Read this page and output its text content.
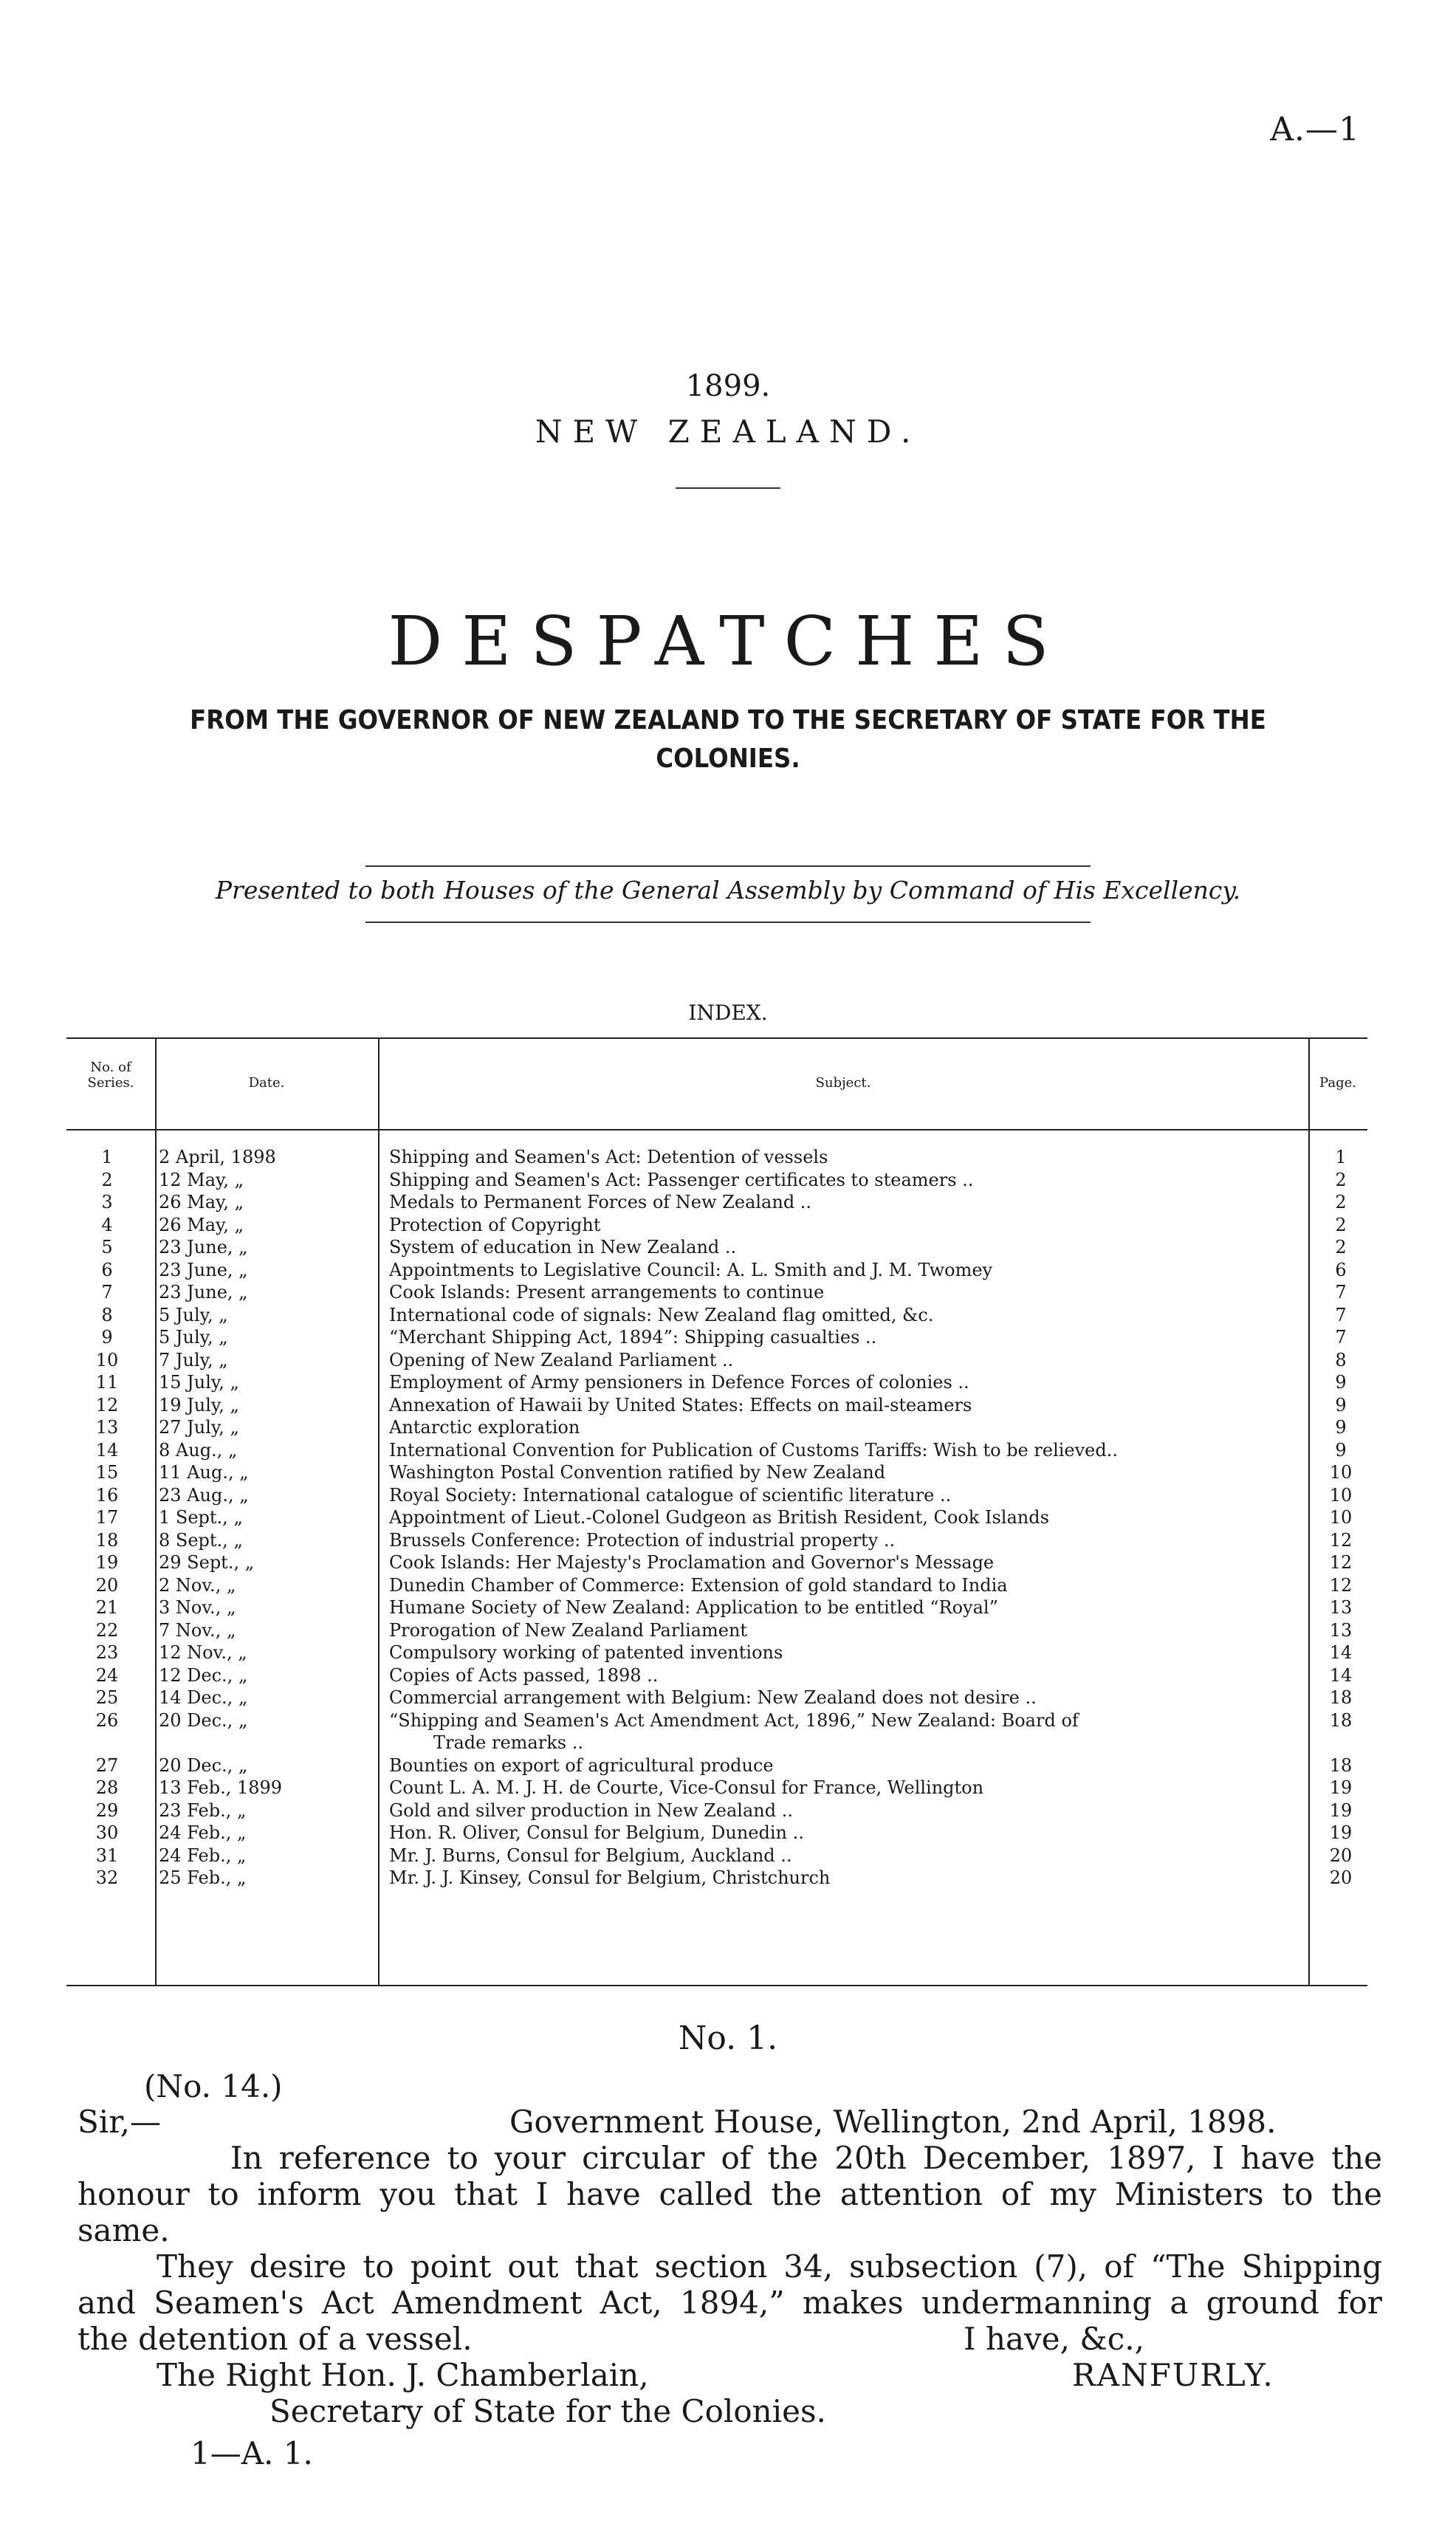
A.—1
1899.
NEW ZEALAND.
DESPATCHES
FROM THE GOVERNOR OF NEW ZEALAND TO THE SECRETARY OF STATE FOR THE COLONIES.
Presented to both Houses of the General Assembly by Command of His Excellency.
INDEX.
No. of Series.	Date.	Subject.	Page.
1	2 April, 1898	Shipping and Seamen's Act: Detention of vessels	1
2	12 May, „	Shipping and Seamen's Act: Passenger certificates to steamers ..	2
3	26 May, „	Medals to Permanent Forces of New Zealand ..	2
4	26 May, „	Protection of Copyright	2
5	23 June, „	System of education in New Zealand ..	2
6	23 June, „	Appointments to Legislative Council: A. L. Smith and J. M. Twomey	6
7	23 June, „	Cook Islands: Present arrangements to continue	7
8	5 July, „	International code of signals: New Zealand flag omitted, &c.	7
9	5 July, „	“Merchant Shipping Act, 1894”: Shipping casualties ..	7
10	7 July, „	Opening of New Zealand Parliament ..	8
11	15 July, „	Employment of Army pensioners in Defence Forces of colonies ..	9
12	19 July, „	Annexation of Hawaii by United States: Effects on mail-steamers	9
13	27 July, „	Antarctic exploration	9
14	8 Aug., „	International Convention for Publication of Customs Tariffs: Wish to be relieved..	9
15	11 Aug., „	Washington Postal Convention ratified by New Zealand	10
16	23 Aug., „	Royal Society: International catalogue of scientific literature ..	10
17	1 Sept., „	Appointment of Lieut.-Colonel Gudgeon as British Resident, Cook Islands	10
18	8 Sept., „	Brussels Conference: Protection of industrial property ..	12
19	29 Sept., „	Cook Islands: Her Majesty's Proclamation and Governor's Message	12
20	2 Nov., „	Dunedin Chamber of Commerce: Extension of gold standard to India	12
21	3 Nov., „	Humane Society of New Zealand: Application to be entitled “Royal”	13
22	7 Nov., „	Prorogation of New Zealand Parliament	13
23	12 Nov., „	Compulsory working of patented inventions	14
24	12 Dec., „	Copies of Acts passed, 1898 ..	14
25	14 Dec., „	Commercial arrangement with Belgium: New Zealand does not desire ..	18
26	20 Dec., „	“Shipping and Seamen's Act Amendment Act, 1896,” New Zealand: Board of	18
Trade remarks ..
27	20 Dec., „	Bounties on export of agricultural produce	18
28	13 Feb., 1899	Count L. A. M. J. H. de Courte, Vice-Consul for France, Wellington	19
29	23 Feb., „	Gold and silver production in New Zealand ..	19
30	24 Feb., „	Hon. R. Oliver, Consul for Belgium, Dunedin ..	19
31	24 Feb., „	Mr. J. Burns, Consul for Belgium, Auckland ..	20
32	25 Feb., „	Mr. J. J. Kinsey, Consul for Belgium, Christchurch	20
No. 1.
(No. 14.)
Sir,—	Government House, Wellington, 2nd April, 1898.
In reference to your circular of the 20th December, 1897, I have the
honour to inform you that I have called the attention of my Ministers to the
same.
They desire to point out that section 34, subsection (7), of “The Shipping
and Seamen's Act Amendment Act, 1894,” makes undermanning a ground for
the detention of a vessel.	I have, &c.,
The Right Hon. J. Chamberlain,	RANFURLY.
Secretary of State for the Colonies.
1—A. 1.
